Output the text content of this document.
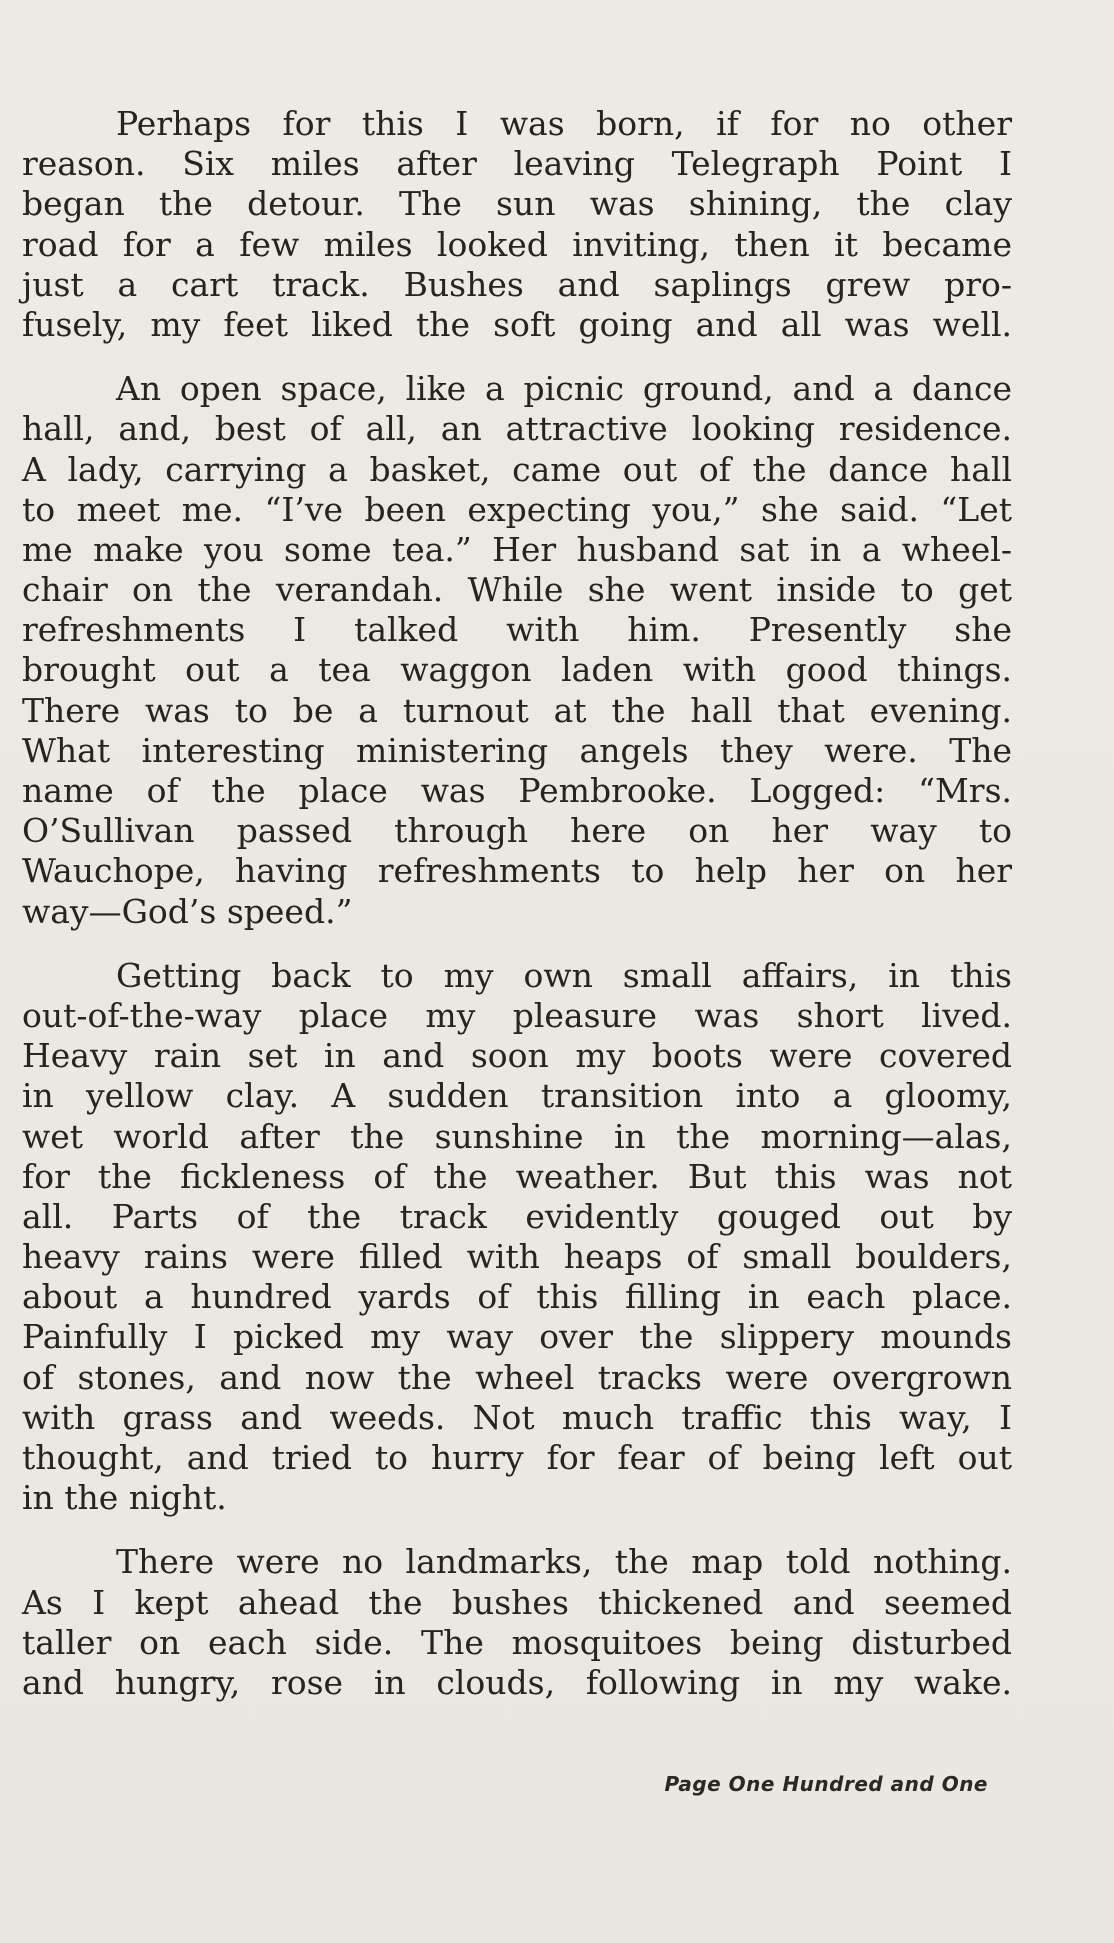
Perhaps for this I was born, if for no other
reason. Six miles after leaving Telegraph Point I
began the detour. The sun was shining, the clay
road for a few miles looked inviting, then it became
just a cart track. Bushes and saplings grew pro-
fusely, my feet liked the soft going and all was well.

An open space, like a picnic ground, and a dance
hall, and, best of all, an attractive looking residence.
A lady, carrying a basket, came out of the dance hall
to meet me. “I’ve been expecting you,” she said. “Let
me make you some tea.” Her husband sat in a wheel-
chair on the verandah. While she went inside to get
refreshments I talked with him. Presently she
brought out a tea waggon laden with good things.
There was to be a turnout at the hall that evening.
What interesting ministering angels they were. The
name of the place was Pembrooke. Logged: “Mrs.
O’Sullivan passed through here on her way to
Wauchope, having refreshments to help her on her
way—God’s speed.”

Getting back to my own small affairs, in this
out-of-the-way place my pleasure was short lived.
Heavy rain set in and soon my boots were covered
in yellow clay. A sudden transition into a gloomy,
wet world after the sunshine in the morning—alas,
for the fickleness of the weather. But this was not
all. Parts of the track evidently gouged out by
heavy rains were filled with heaps of small boulders,
about a hundred yards of this filling in each place.
Painfully I picked my way over the slippery mounds
of stones, and now the wheel tracks were overgrown
with grass and weeds. Not much traffic this way, I
thought, and tried to hurry for fear of being left out
in the night.

There were no landmarks, the map told nothing.
As I kept ahead the bushes thickened and seemed
taller on each side. The mosquitoes being disturbed
and hungry, rose in clouds, following in my wake.

Page One Hundred and One
